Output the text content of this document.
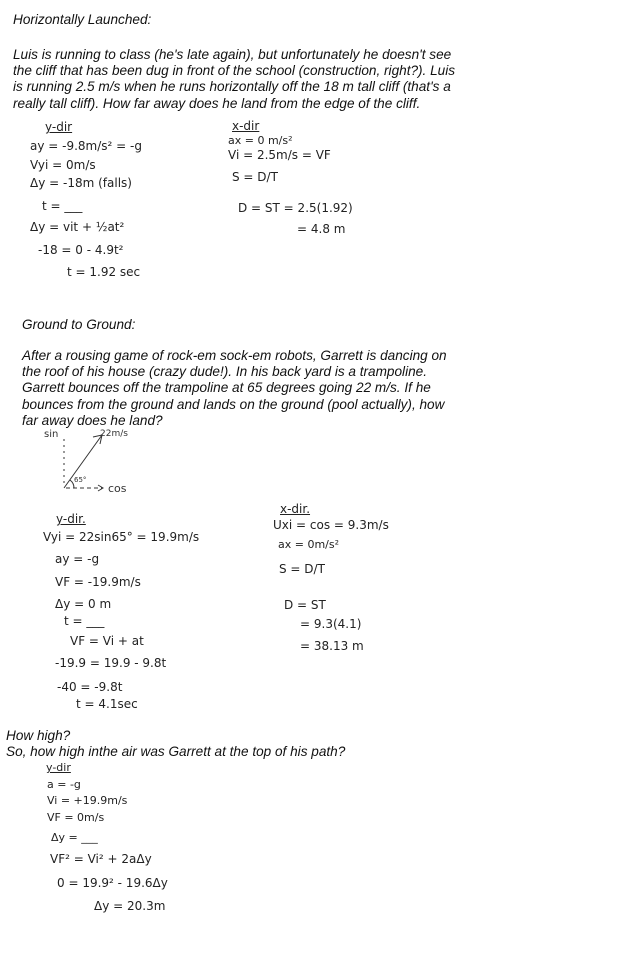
Horizontally Launched:

Luis is running to class (he's late again), but unfortunately he doesn't see the cliff that has been dug in front of the school (construction, right?). Luis is running 2.5 m/s when he runs horizontally off the 18 m tall cliff (that's a really tall cliff). How far away does he land from the edge of the cliff.

y-dir
ay = -9.8m/s² = -g
Vyi = 0m/s
Δy = -18m (falls)
t = ___
Δy = vit + ½at²
-18 = 0 - 4.9t²
t = 1.92 sec
x-dir
ax = 0 m/s²
Vi = 2.5m/s = VF
S = D/T
D = ST = 2.5(1.92)
= 4.8 m

Ground to Ground:

After a rousing game of rock-em sock-em robots, Garrett is dancing on the roof of his house (crazy dude!). In his back yard is a trampoline. Garrett bounces off the trampoline at 65 degrees going 22 m/s. If he bounces from the ground and lands on the ground (pool actually), how far away does he land?

sin	22m/s
65°
cos
y-dir.
Vyi = 22sin65° = 19.9m/s
ay = -g
VF = -19.9m/s
Δy = 0 m
t = ___
VF = Vi + at
-19.9 = 19.9 - 9.8t
-40 = -9.8t
t = 4.1sec
x-dir.
Uxi = cos = 9.3m/s
ax = 0m/s²
S = D/T
D = ST
= 9.3(4.1)
= 38.13 m

How high?

So, how high inthe air was Garrett at the top of his path?

y-dir
a = -g
Vi = +19.9m/s
VF = 0m/s
Δy = ___
VF² = Vi² + 2aΔy
0 = 19.9² - 19.6Δy
Δy = 20.3m
